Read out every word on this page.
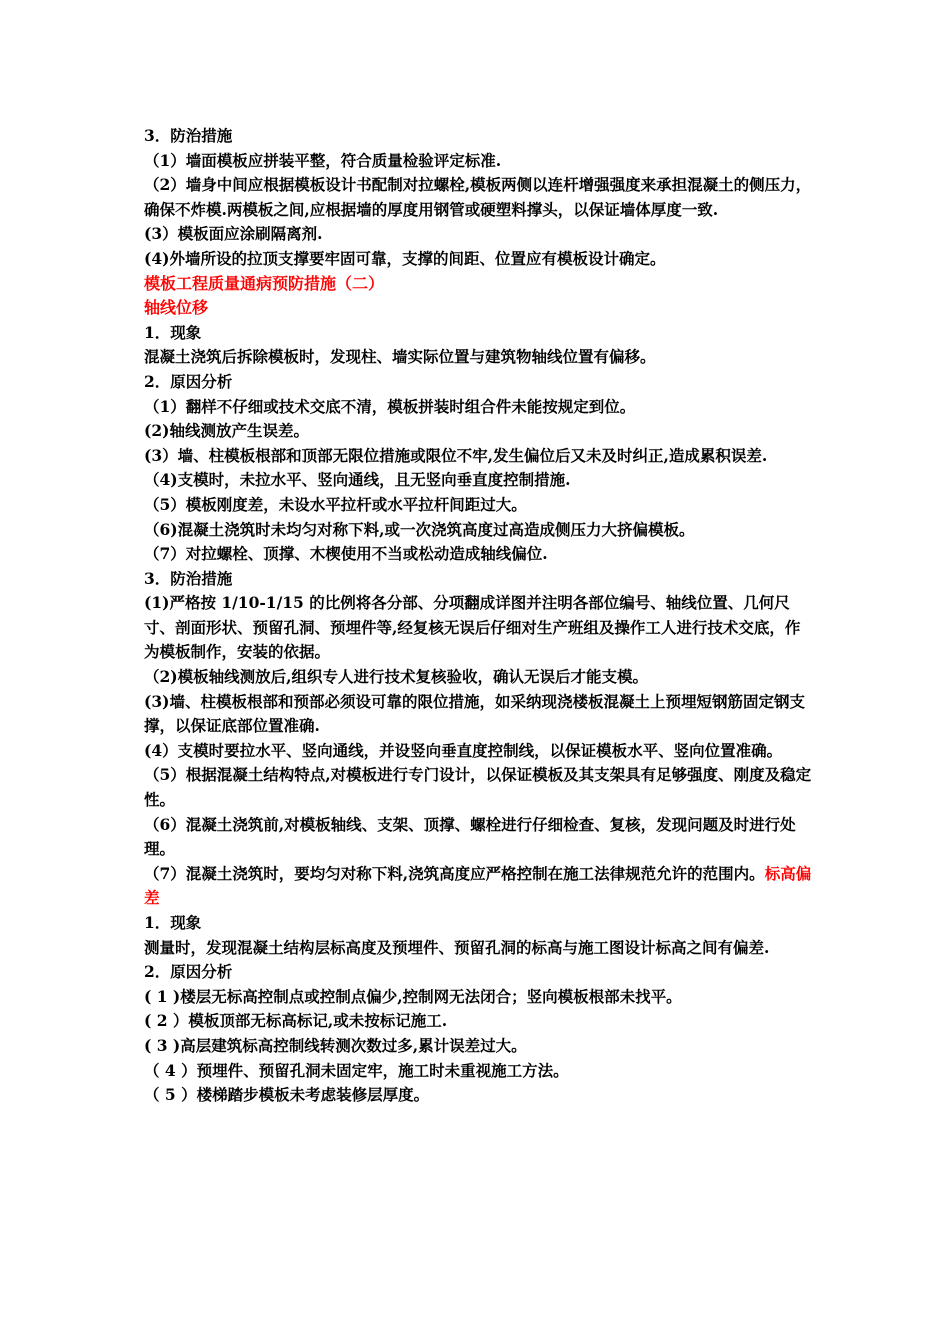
3．防治措施

（1）墙面模板应拼装平整，符合质量检验评定标准.

（2）墙身中间应根据模板设计书配制对拉螺栓,模板两侧以连杆增强强度来承担混凝土的侧压力，确保不炸模.两模板之间,应根据墙的厚度用钢管或硬塑料撑头，以保证墙体厚度一致.

(3）模板面应涂刷隔离剂.

(4)外墙所设的拉顶支撑要牢固可靠，支撑的间距、位置应有模板设计确定。

模板工程质量通病预防措施（二）

轴线位移

1．现象

混凝土浇筑后拆除模板时，发现柱、墙实际位置与建筑物轴线位置有偏移。

2．原因分析

（1）翻样不仔细或技术交底不清，模板拼装时组合件未能按规定到位。

(2)轴线测放产生误差。

(3）墙、柱模板根部和顶部无限位措施或限位不牢,发生偏位后又未及时纠正,造成累积误差.

（4)支模时，未拉水平、竖向通线，且无竖向垂直度控制措施.

（5）模板刚度差，未设水平拉杆或水平拉杆间距过大。

（6)混凝土浇筑时未均匀对称下料,或一次浇筑高度过高造成侧压力大挤偏模板。

（7）对拉螺栓、顶撑、木楔使用不当或松动造成轴线偏位.

3．防治措施

(1)严格按 1/10-1/15 的比例将各分部、分项翻成详图并注明各部位编号、轴线位置、几何尺寸、剖面形状、预留孔洞、预埋件等,经复核无误后仔细对生产班组及操作工人进行技术交底，作为模板制作，安装的依据。

（2)模板轴线测放后,组织专人进行技术复核验收，确认无误后才能支模。

(3)墙、柱模板根部和预部必须设可靠的限位措施，如采纳现浇楼板混凝土上预埋短钢筋固定钢支撑，以保证底部位置准确.

(4）支模时要拉水平、竖向通线，并设竖向垂直度控制线，以保证模板水平、竖向位置准确。

（5）根据混凝土结构特点,对模板进行专门设计，以保证模板及其支架具有足够强度、刚度及稳定性。

（6）混凝土浇筑前,对模板轴线、支架、顶撑、螺栓进行仔细检查、复核，发现问题及时进行处理。

（7）混凝土浇筑时，要均匀对称下料,浇筑高度应严格控制在施工法律规范允许的范围内。标高偏差

1．现象

测量时，发现混凝土结构层标高度及预埋件、预留孔洞的标高与施工图设计标高之间有偏差.

2．原因分析

( 1 )楼层无标高控制点或控制点偏少,控制网无法闭合；竖向模板根部未找平。

( 2 ）模板顶部无标高标记,或未按标记施工.

( 3 )高层建筑标高控制线转测次数过多,累计误差过大。

（ 4 ）预埋件、预留孔洞未固定牢，施工时未重视施工方法。

（ 5 ）楼梯踏步模板未考虑装修层厚度。
